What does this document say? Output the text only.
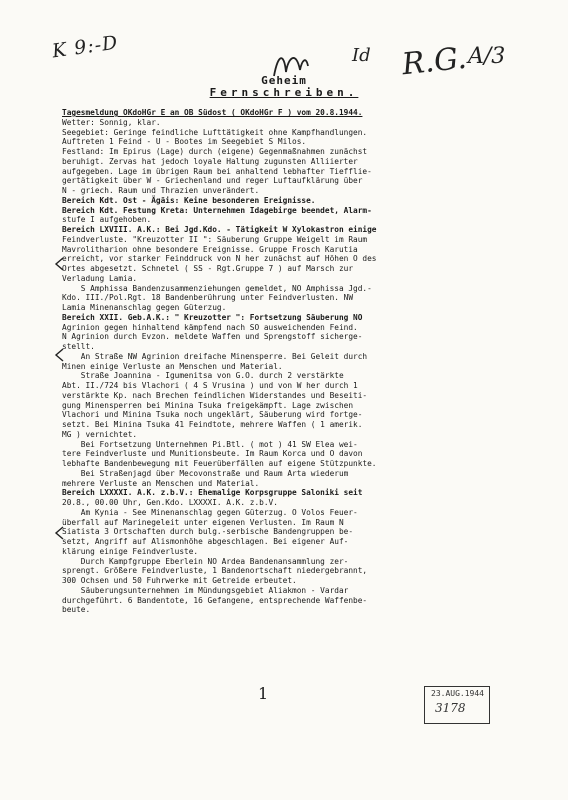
K 9:-D	Id R.G. A/3
Geheim
Fernschreiben.

Tagesmeldung OKdoHGr E an OB Südost ( OKdoHGr F ) vom 20.8.1944.

Wetter: Sonnig, klar.

Seegebiet: Geringe feindliche Lufttätigkeit ohne Kampfhandlungen.

Auftreten 1 Feind - U - Bootes im Seegebiet S Milos.

Festland: Im Epirus (Lage) durch (eigene) Gegenmaßnahmen zunächst

beruhigt. Zervas hat jedoch loyale Haltung zugunsten Alliierter

aufgegeben. Lage im übrigen Raum bei anhaltend lebhafter Tiefflie-

gertätigkeit über W - Griechenland und reger Luftaufklärung über

N - griech. Raum und Thrazien unverändert.

Bereich Kdt. Ost - Ägäis: Keine besonderen Ereignisse.

Bereich Kdt. Festung Kreta: Unternehmen Idagebirge beendet, Alarm-

stufe I aufgehoben.

Bereich LXVIII. A.K.: Bei Jgd.Kdo. - Tätigkeit W Xylokastron einige

Feindverluste. "Kreuzotter II ": Säuberung Gruppe Weigelt im Raum

Mavrolitharion ohne besondere Ereignisse. Gruppe Frosch Karutia

erreicht, vor starker Feinddruck von N her zunächst auf Höhen O des

Ortes abgesetzt. Schnetel ( SS - Rgt.Gruppe 7 ) auf Marsch zur

Verladung Lamia.

S Amphissa Bandenzusammenziehungen gemeldet, NO Amphissa Jgd.-

Kdo. III./Pol.Rgt. 18 Bandenberührung unter Feindverlusten. NW

Lamia Minenanschlag gegen Güterzug.

Bereich XXII. Geb.A.K.: " Kreuzotter ": Fortsetzung Säuberung NO

Agrinion gegen hinhaltend kämpfend nach SO ausweichenden Feind.

N Agrinion durch Evzon. meldete Waffen und Sprengstoff sicherge-

stellt.

An Straße NW Agrinion dreifache Minensperre. Bei Geleit durch

Minen einige Verluste an Menschen und Material.

Straße Joannina - Igumenitsa von G.O. durch 2 verstärkte

Abt. II./724 bis Vlachori ( 4 S Vrusina ) und von W her durch 1

verstärkte Kp. nach Brechen feindlichen Widerstandes und Beseiti-

gung Minensperren bei Minina Tsuka freigekämpft. Lage zwischen

Vlachori und Minina Tsuka noch ungeklärt, Säuberung wird fortge-

setzt. Bei Minina Tsuka 41 Feindtote, mehrere Waffen ( 1 amerik.

MG ) vernichtet.

Bei Fortsetzung Unternehmen Pi.Btl. ( mot ) 41 SW Elea wei-

tere Feindverluste und Munitionsbeute. Im Raum Korca und O davon

lebhafte Bandenbewegung mit Feuerüberfällen auf eigene Stützpunkte.

Bei Straßenjagd über Mecovonstraße und Raum Arta wiederum

mehrere Verluste an Menschen und Material.

Bereich LXXXXI. A.K. z.b.V.: Ehemalige Korpsgruppe Saloniki seit

20.8., 00.00 Uhr, Gen.Kdo. LXXXXI. A.K. z.b.V.

Am Kynia - See Minenanschlag gegen Güterzug. O Volos Feuer-

überfall auf Marinegeleit unter eigenen Verlusten. Im Raum N

Siatista 3 Ortschaften durch bulg.-serbische Bandengruppen be-

setzt, Angriff auf Alismonhöhe abgeschlagen. Bei eigener Auf-

klärung einige Feindverluste.

Durch Kampfgruppe Eberlein NO Ardea Bandenansammlung zer-

sprengt. Größere Feindverluste, 1 Bandenortschaft niedergebrannt,

300 Ochsen und 50 Fuhrwerke mit Getreide erbeutet.

Säuberungsunternehmen im Mündungsgebiet Aliakmon - Vardar

durchgeführt. 6 Bandentote, 16 Gefangene, entsprechende Waffenbe-

beute.

1	23.AUG.1944
3178
